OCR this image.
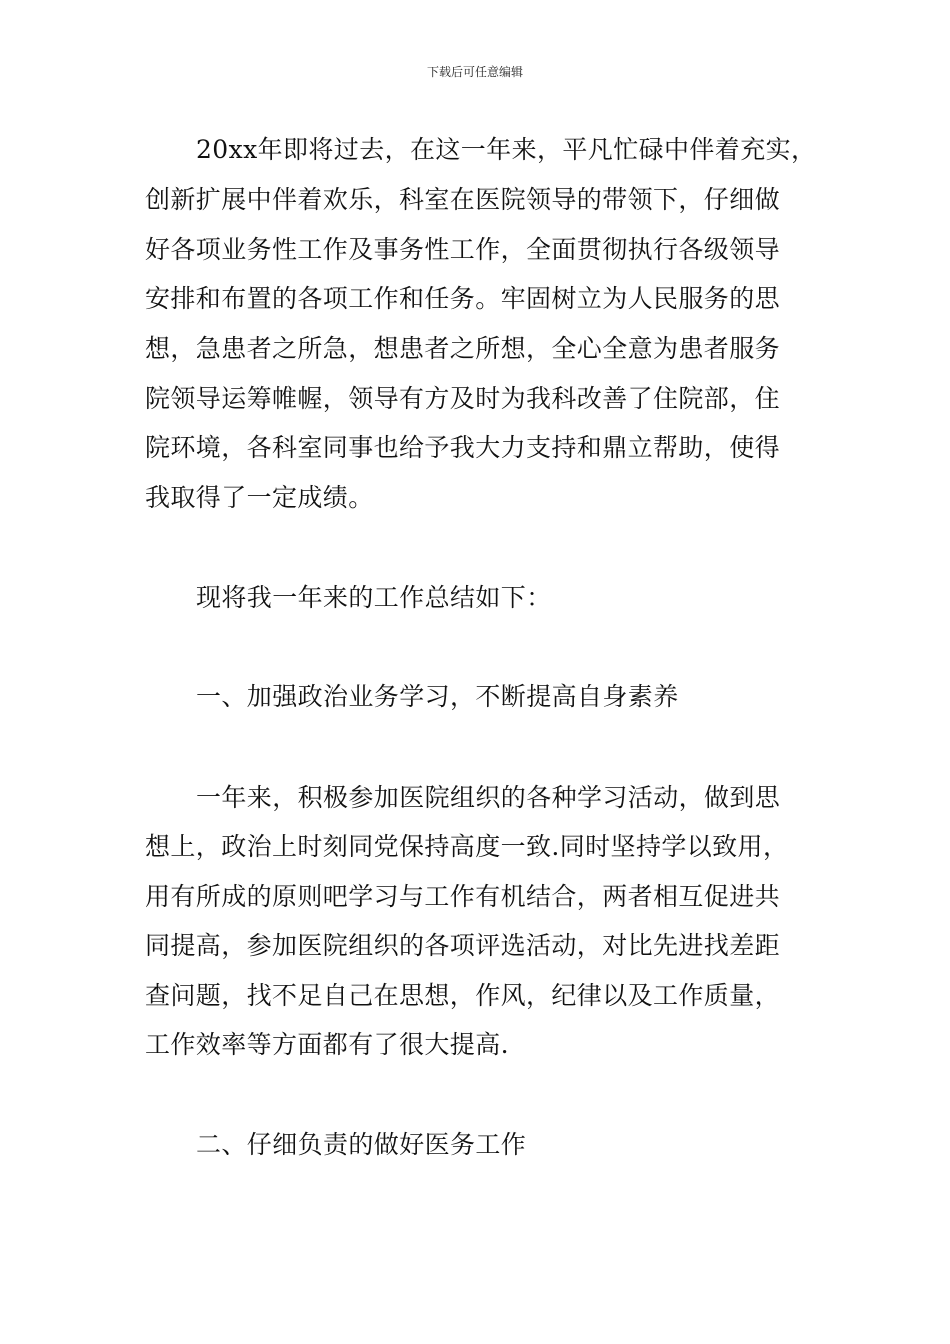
下载后可任意编辑
20xx年即将过去，在这一年来，平凡忙碌中伴着充实，
创新扩展中伴着欢乐，科室在医院领导的带领下，仔细做
好各项业务性工作及事务性工作，全面贯彻执行各级领导
安排和布置的各项工作和任务。牢固树立为人民服务的思
想，急患者之所急，想患者之所想，全心全意为患者服务
院领导运筹帷幄，领导有方及时为我科改善了住院部，住
院环境，各科室同事也给予我大力支持和鼎立帮助，使得
我取得了一定成绩。
现将我一年来的工作总结如下：
一、加强政治业务学习，不断提高自身素养
一年来，积极参加医院组织的各种学习活动，做到思
想上，政治上时刻同党保持高度一致.同时坚持学以致用，
用有所成的原则吧学习与工作有机结合，两者相互促进共
同提高，参加医院组织的各项评选活动，对比先进找差距
查问题，找不足自己在思想，作风，纪律以及工作质量，
工作效率等方面都有了很大提高.
二、仔细负责的做好医务工作
